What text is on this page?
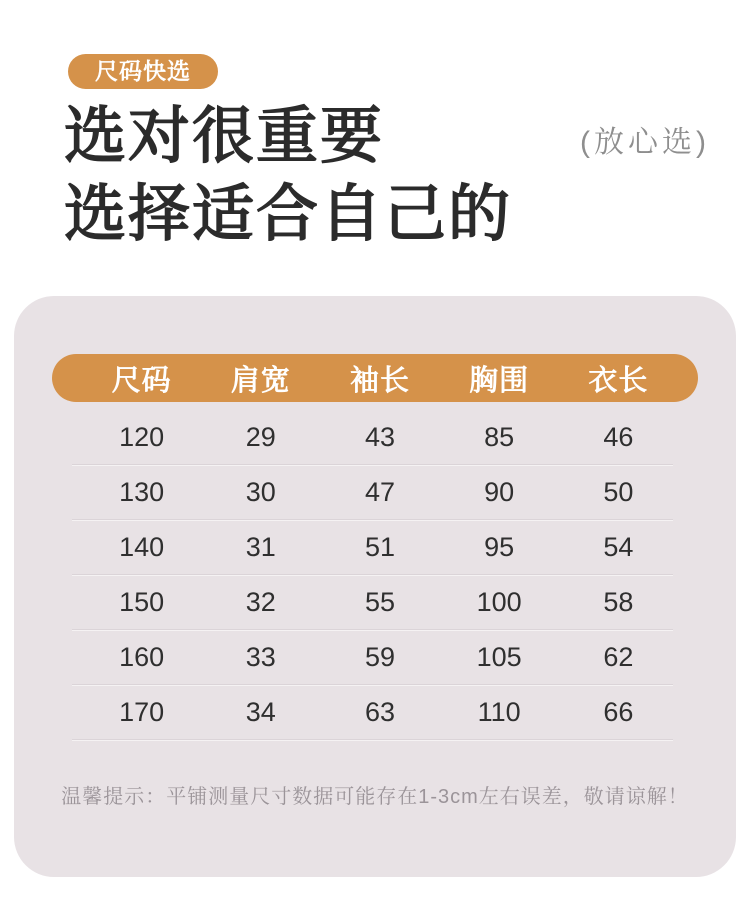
尺码快选
选对很重要
选择适合自己的
(放心选)
尺码	肩宽	袖长	胸围	衣长
120	29	43	85	46
130	30	47	90	50
140	31	51	95	54
150	32	55	100	58
160	33	59	105	62
170	34	63	110	66
温馨提示：平铺测量尺寸数据可能存在1-3cm左右误差，敬请谅解！
